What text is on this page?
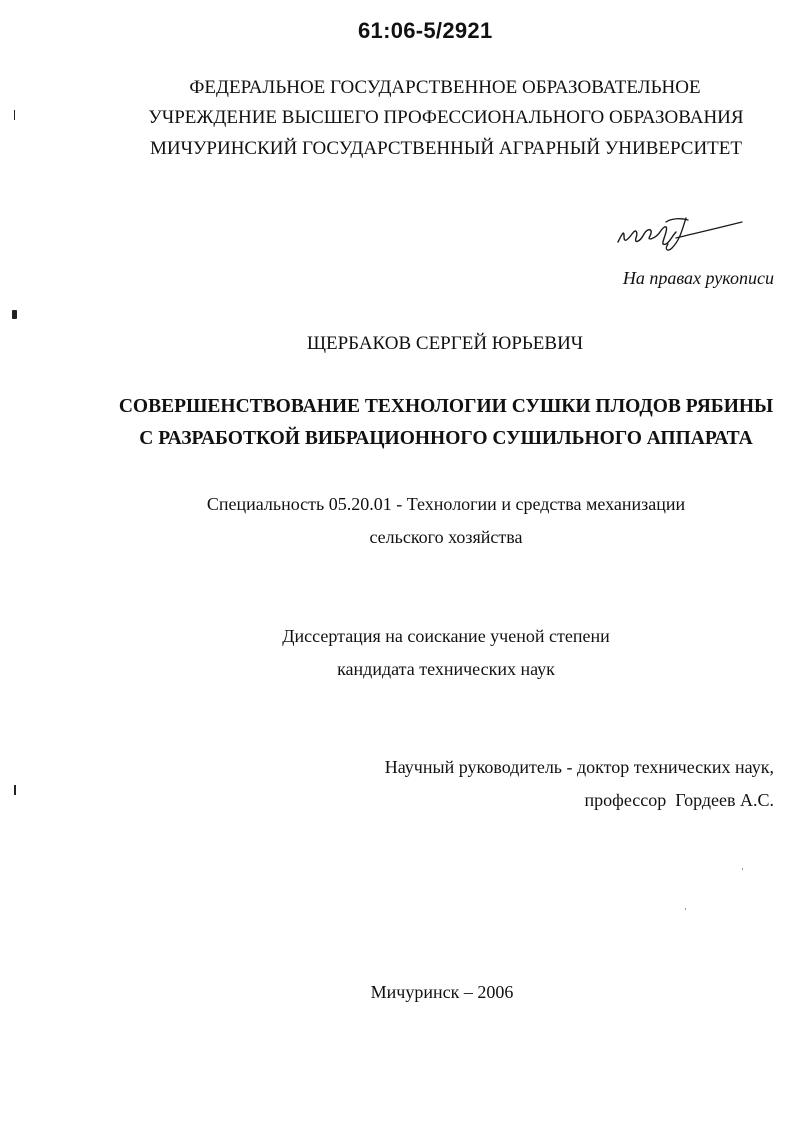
61:06-5/2921
ФЕДЕРАЛЬНОЕ ГОСУДАРСТВЕННОЕ ОБРАЗОВАТЕЛЬНОЕ
УЧРЕЖДЕНИЕ ВЫСШЕГО ПРОФЕССИОНАЛЬНОГО ОБРАЗОВАНИЯ
МИЧУРИНСКИЙ ГОСУДАРСТВЕННЫЙ АГРАРНЫЙ УНИВЕРСИТЕТ
На правах рукописи
ЩЕРБАКОВ СЕРГЕЙ ЮРЬЕВИЧ
СОВЕРШЕНСТВОВАНИЕ ТЕХНОЛОГИИ СУШКИ ПЛОДОВ РЯБИНЫ
С РАЗРАБОТКОЙ ВИБРАЦИОННОГО СУШИЛЬНОГО АППАРАТА
Специальность 05.20.01 - Технологии и средства механизации
сельского хозяйства
Диссертация на соискание ученой степени
кандидата технических наук
Научный руководитель - доктор технических наук,
профессор  Гордеев А.С.
Мичуринск – 2006
